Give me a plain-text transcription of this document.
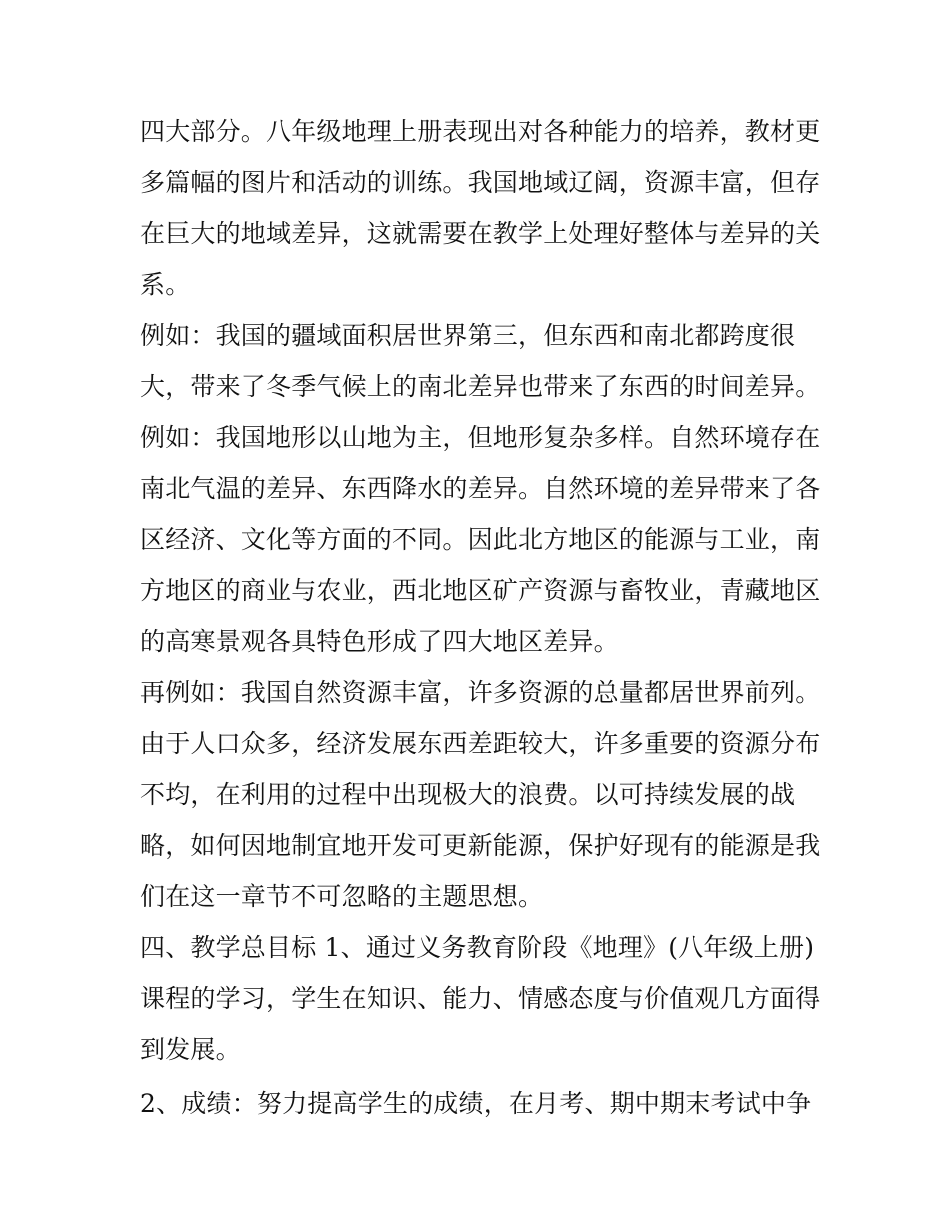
四大部分。八年级地理上册表现出对各种能力的培养，教材更
多篇幅的图片和活动的训练。我国地域辽阔，资源丰富，但存
在巨大的地域差异，这就需要在教学上处理好整体与差异的关
系。
例如：我国的疆域面积居世界第三，但东西和南北都跨度很
大，带来了冬季气候上的南北差异也带来了东西的时间差异。
例如：我国地形以山地为主，但地形复杂多样。自然环境存在
南北气温的差异、东西降水的差异。自然环境的差异带来了各
区经济、文化等方面的不同。因此北方地区的能源与工业，南
方地区的商业与农业，西北地区矿产资源与畜牧业，青藏地区
的高寒景观各具特色形成了四大地区差异。
再例如：我国自然资源丰富，许多资源的总量都居世界前列。
由于人口众多，经济发展东西差距较大，许多重要的资源分布
不均，在利用的过程中出现极大的浪费。以可持续发展的战
略，如何因地制宜地开发可更新能源，保护好现有的能源是我
们在这一章节不可忽略的主题思想。
四、教学总目标 1、通过义务教育阶段《地理》(八年级上册)
课程的学习，学生在知识、能力、情感态度与价值观几方面得
到发展。
2、成绩：努力提高学生的成绩，在月考、期中期末考试中争
